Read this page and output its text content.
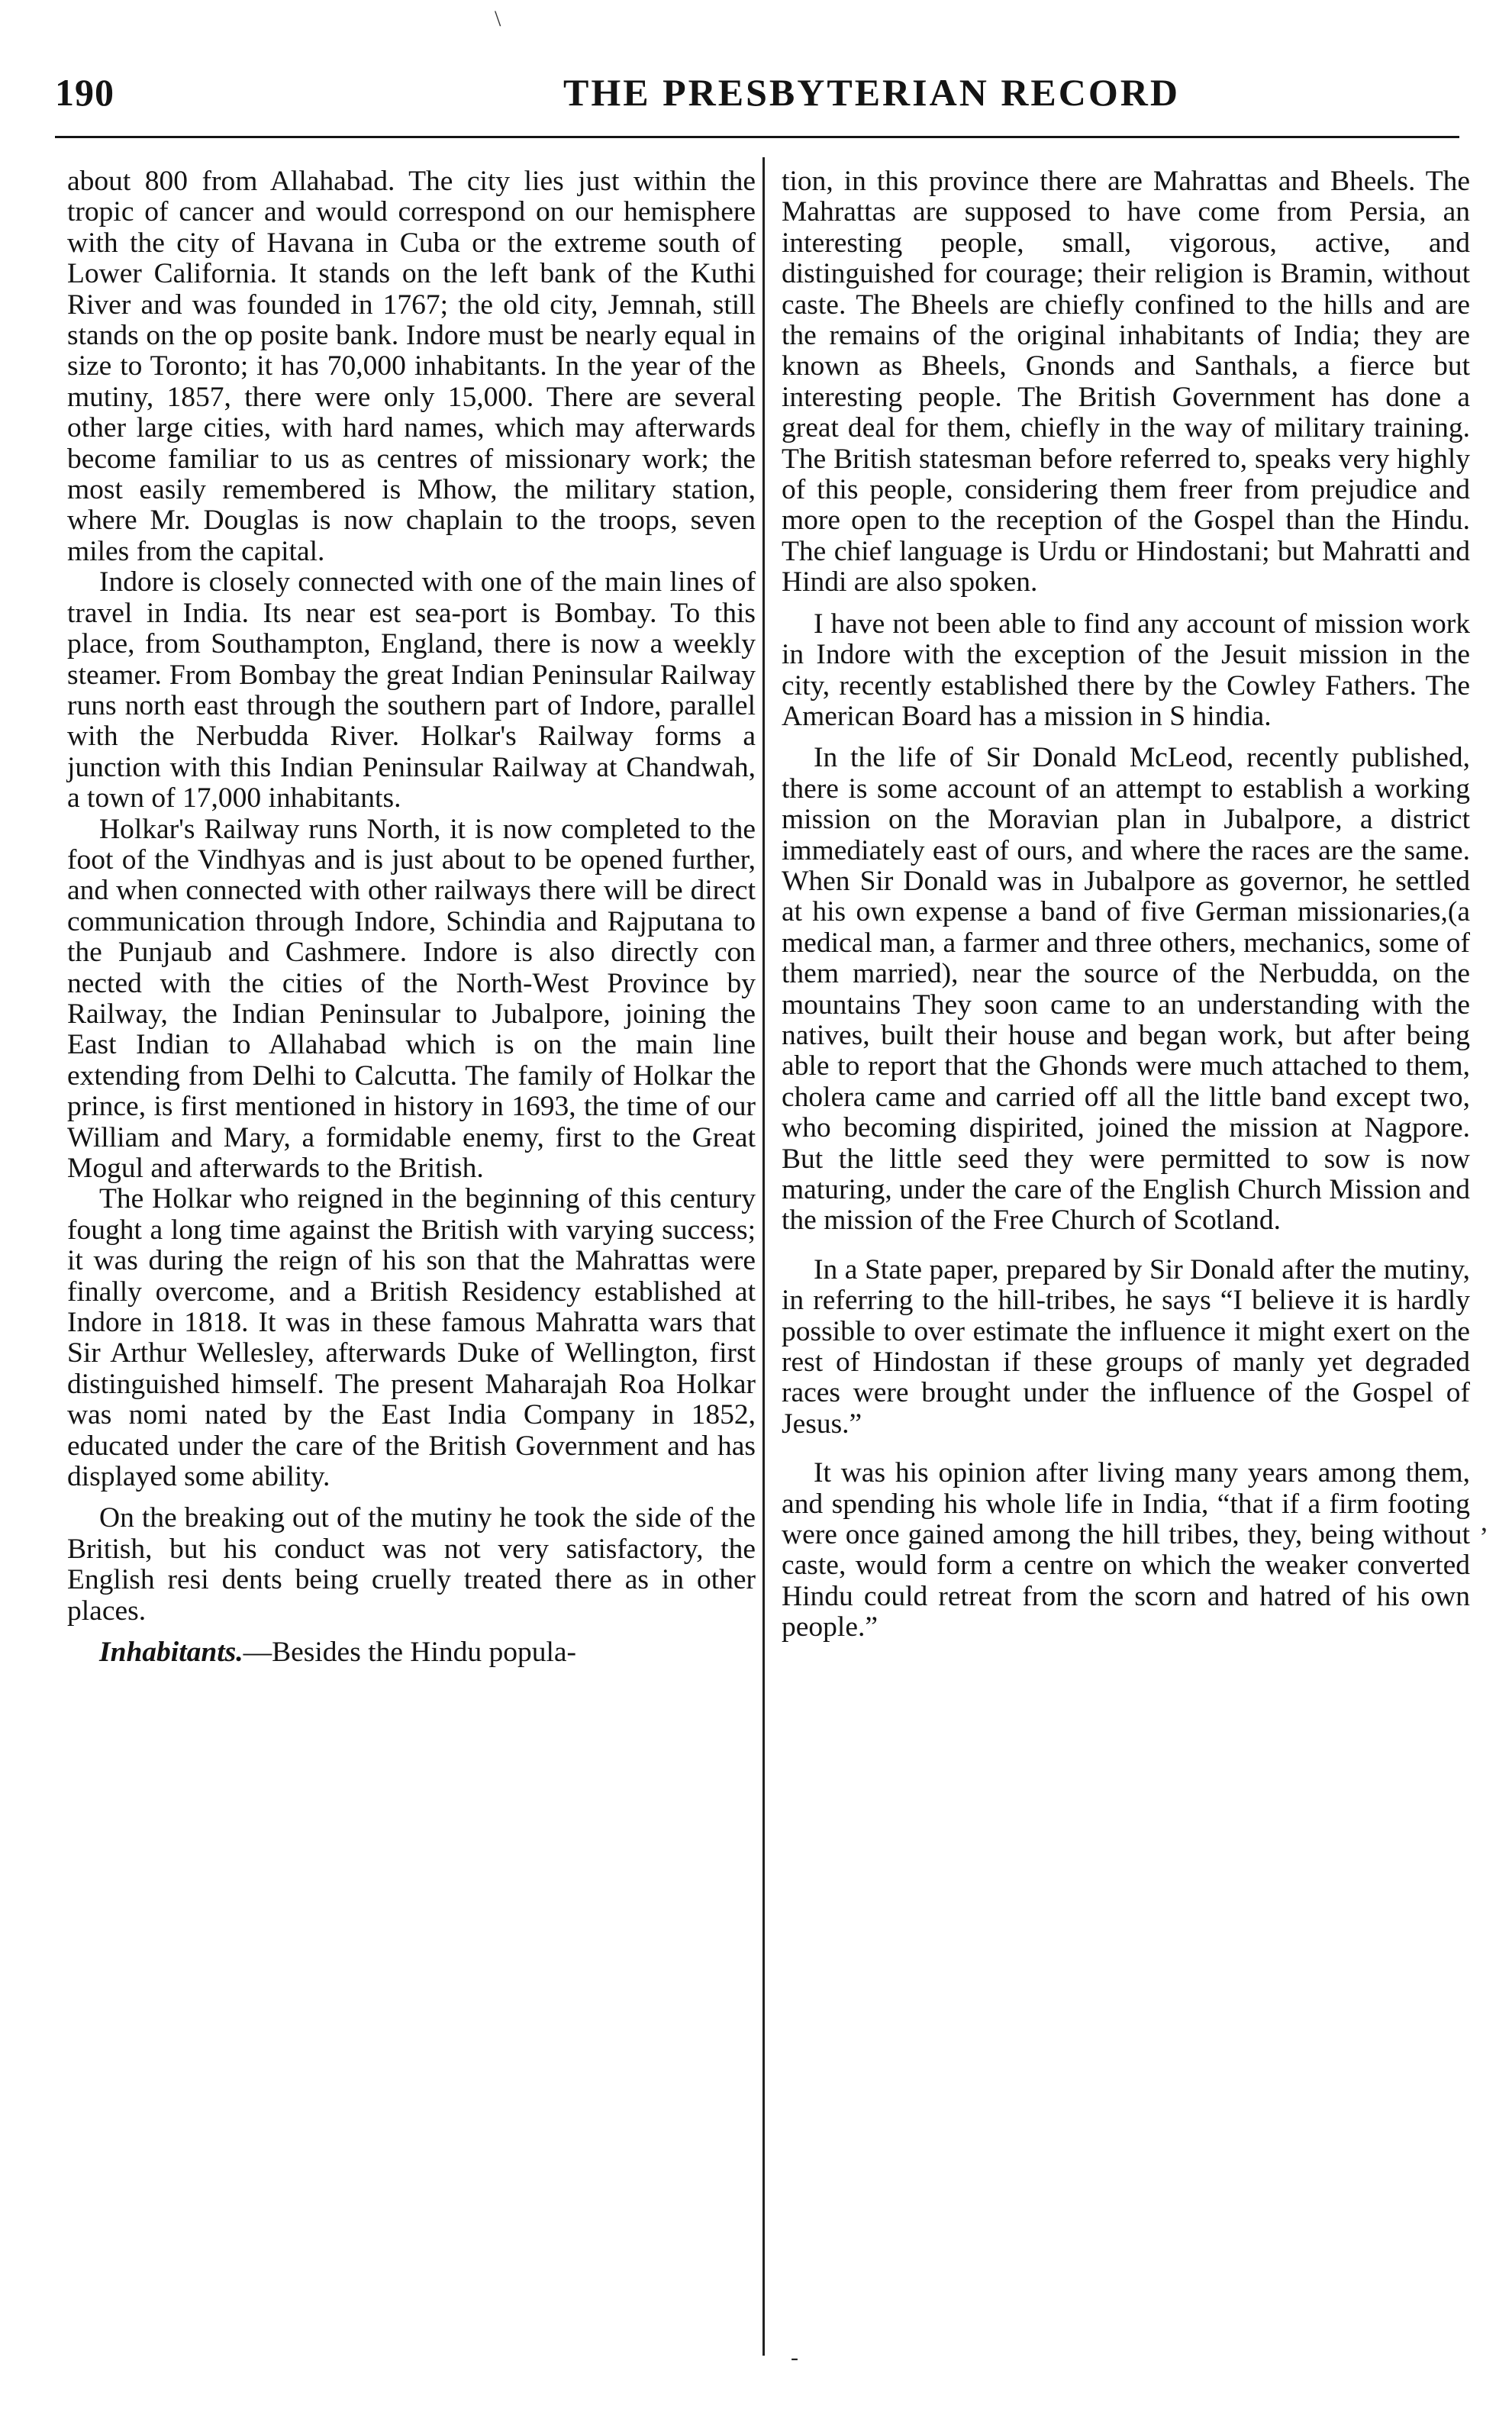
\
190	THE PRESBYTERIAN RECORD

about 800 from Allahabad. The city lies just within the tropic of cancer and would correspond on our hemisphere with the city of Havana in Cuba or the extreme south of Lower California. It stands on the left bank of the Kuthi River and was founded in 1767; the old city, Jemnah, still stands on the op posite bank. Indore must be nearly equal in size to Toronto; it has 70,000 inhabitants. In the year of the mutiny, 1857, there were only 15,000. There are several other large cities, with hard names, which may afterwards become familiar to us as centres of missionary work; the most easily remembered is Mhow, the military station, where Mr. Douglas is now chaplain to the troops, seven miles from the capital.

Indore is closely connected with one of the main lines of travel in India. Its near est sea-port is Bombay. To this place, from Southampton, England, there is now a weekly steamer. From Bombay the great Indian Peninsular Railway runs north east through the southern part of Indore, parallel with the Nerbudda River. Holkar's Railway forms a junction with this Indian Peninsular Railway at Chandwah, a town of 17,000 inhabitants.

Holkar's Railway runs North, it is now completed to the foot of the Vindhyas and is just about to be opened further, and when connected with other railways there will be direct communication through Indore, Schindia and Rajputana to the Punjaub and Cashmere. Indore is also directly con nected with the cities of the North-West Province by Railway, the Indian Peninsular to Jubalpore, joining the East Indian to Allahabad which is on the main line extending from Delhi to Calcutta. The family of Holkar the prince, is first mentioned in history in 1693, the time of our William and Mary, a formidable enemy, first to the Great Mogul and afterwards to the British.

The Holkar who reigned in the beginning of this century fought a long time against the British with varying success; it was during the reign of his son that the Mahrattas were finally overcome, and a British Residency established at Indore in 1818. It was in these famous Mahratta wars that Sir Arthur Wellesley, afterwards Duke of Wellington, first distinguished himself. The present Maharajah Roa Holkar was nomi nated by the East India Company in 1852, educated under the care of the British Government and has displayed some ability.

On the breaking out of the mutiny he took the side of the British, but his conduct was not very satisfactory, the English resi dents being cruelly treated there as in other places.

Inhabitants.—Besides the Hindu popula-

tion, in this province there are Mahrattas and Bheels. The Mahrattas are supposed to have come from Persia, an interesting people, small, vigorous, active, and distinguished for courage; their religion is Bramin, without caste. The Bheels are chiefly confined to the hills and are the remains of the original inhabitants of India; they are known as Bheels, Gnonds and Santhals, a fierce but interesting people. The British Government has done a great deal for them, chiefly in the way of military training. The British statesman before referred to, speaks very highly of this people, considering them freer from prejudice and more open to the reception of the Gospel than the Hindu. The chief language is Urdu or Hindostani; but Mahratti and Hindi are also spoken.

I have not been able to find any account of mission work in Indore with the exception of the Jesuit mission in the city, recently established there by the Cowley Fathers. The American Board has a mission in S hindia.

In the life of Sir Donald McLeod, recently published, there is some account of an attempt to establish a working mission on the Moravian plan in Jubalpore, a district immediately east of ours, and where the races are the same. When Sir Donald was in Jubalpore as governor, he settled at his own expense a band of five German missionaries,(a medical man, a farmer and three others, mechanics, some of them married), near the source of the Nerbudda, on the mountains They soon came to an understanding with the natives, built their house and began work, but after being able to report that the Ghonds were much attached to them, cholera came and carried off all the little band except two, who becoming dispirited, joined the mission at Nagpore. But the little seed they were permitted to sow is now maturing, under the care of the English Church Mission and the mission of the Free Church of Scotland.

In a State paper, prepared by Sir Donald after the mutiny, in referring to the hill-tribes, he says “I believe it is hardly possible to over estimate the influence it might exert on the rest of Hindostan if these groups of manly yet degraded races were brought under the influence of the Gospel of Jesus.”

It was his opinion after living many years among them, and spending his whole life in India, “that if a firm footing were once gained among the hill tribes, they, being without caste, would form a centre on which the weaker converted Hindu could retreat from the scorn and hatred of his own people.”

,
-
